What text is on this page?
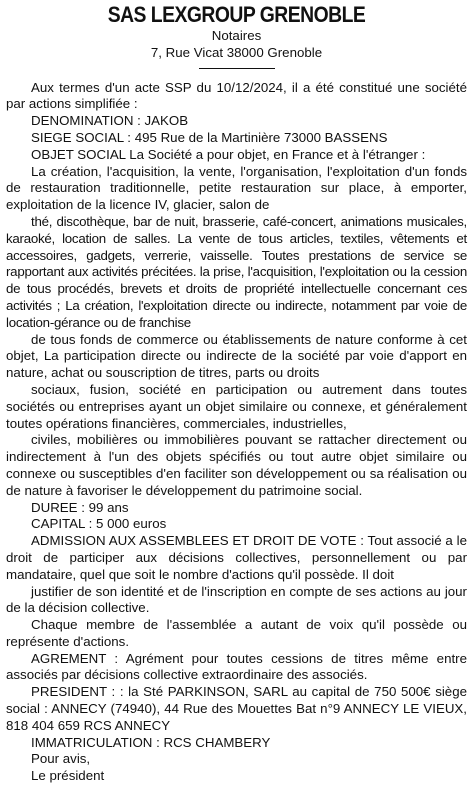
SAS LEXGROUP GRENOBLE

Notaires

7, Rue Vicat 38000 Grenoble

Aux termes d'un acte SSP du 10/12/2024, il a été constitué une société par actions simplifiée :

DENOMINATION : JAKOB

SIEGE SOCIAL : 495 Rue de la Martinière 73000 BASSENS

OBJET SOCIAL La Société a pour objet, en France et à l'étranger :

La création, l'acquisition, la vente, l'organisation, l'exploitation d'un fonds de restauration traditionnelle, petite restauration sur place, à emporter, exploitation de la licence IV, glacier, salon de

thé, discothèque, bar de nuit, brasserie, café-concert, animations musicales, karaoké, location de salles. La vente de tous articles, textiles, vêtements et accessoires, gadgets, verrerie, vaisselle. Toutes prestations de service se rapportant aux activités précitées. la prise, l'acquisition, l'exploitation ou la cession de tous procédés, brevets et droits de propriété intellectuelle concernant ces activités ; La création, l'exploitation directe ou indirecte, notamment par voie de location-gérance ou de franchise

de tous fonds de commerce ou établissements de nature conforme à cet objet, La participation directe ou indirecte de la société par voie d'apport en nature, achat ou souscription de titres, parts ou droits

sociaux, fusion, société en participation ou autrement dans toutes sociétés ou entreprises ayant un objet similaire ou connexe, et généralement toutes opérations financières, commerciales, industrielles,

civiles, mobilières ou immobilières pouvant se rattacher directement ou indirectement à l'un des objets spécifiés ou tout autre objet similaire ou connexe ou susceptibles d'en faciliter son développement ou sa réalisation ou de nature à favoriser le développement du patrimoine social.

DUREE : 99 ans

CAPITAL : 5 000 euros

ADMISSION AUX ASSEMBLEES ET DROIT DE VOTE : Tout associé a le droit de participer aux décisions collectives, personnellement ou par mandataire, quel que soit le nombre d'actions qu'il possède. Il doit

justifier de son identité et de l'inscription en compte de ses actions au jour de la décision collective.

Chaque membre de l'assemblée a autant de voix qu'il possède ou représente d'actions.

AGREMENT : Agrément pour toutes cessions de titres même entre associés par décisions collective extraordinaire des associés.

PRESIDENT : : la Sté PARKINSON, SARL au capital de 750 500€ siège social : ANNECY (74940), 44 Rue des Mouettes Bat n°9 ANNECY LE VIEUX, 818 404 659 RCS ANNECY

IMMATRICULATION : RCS CHAMBERY

Pour avis,

Le président
